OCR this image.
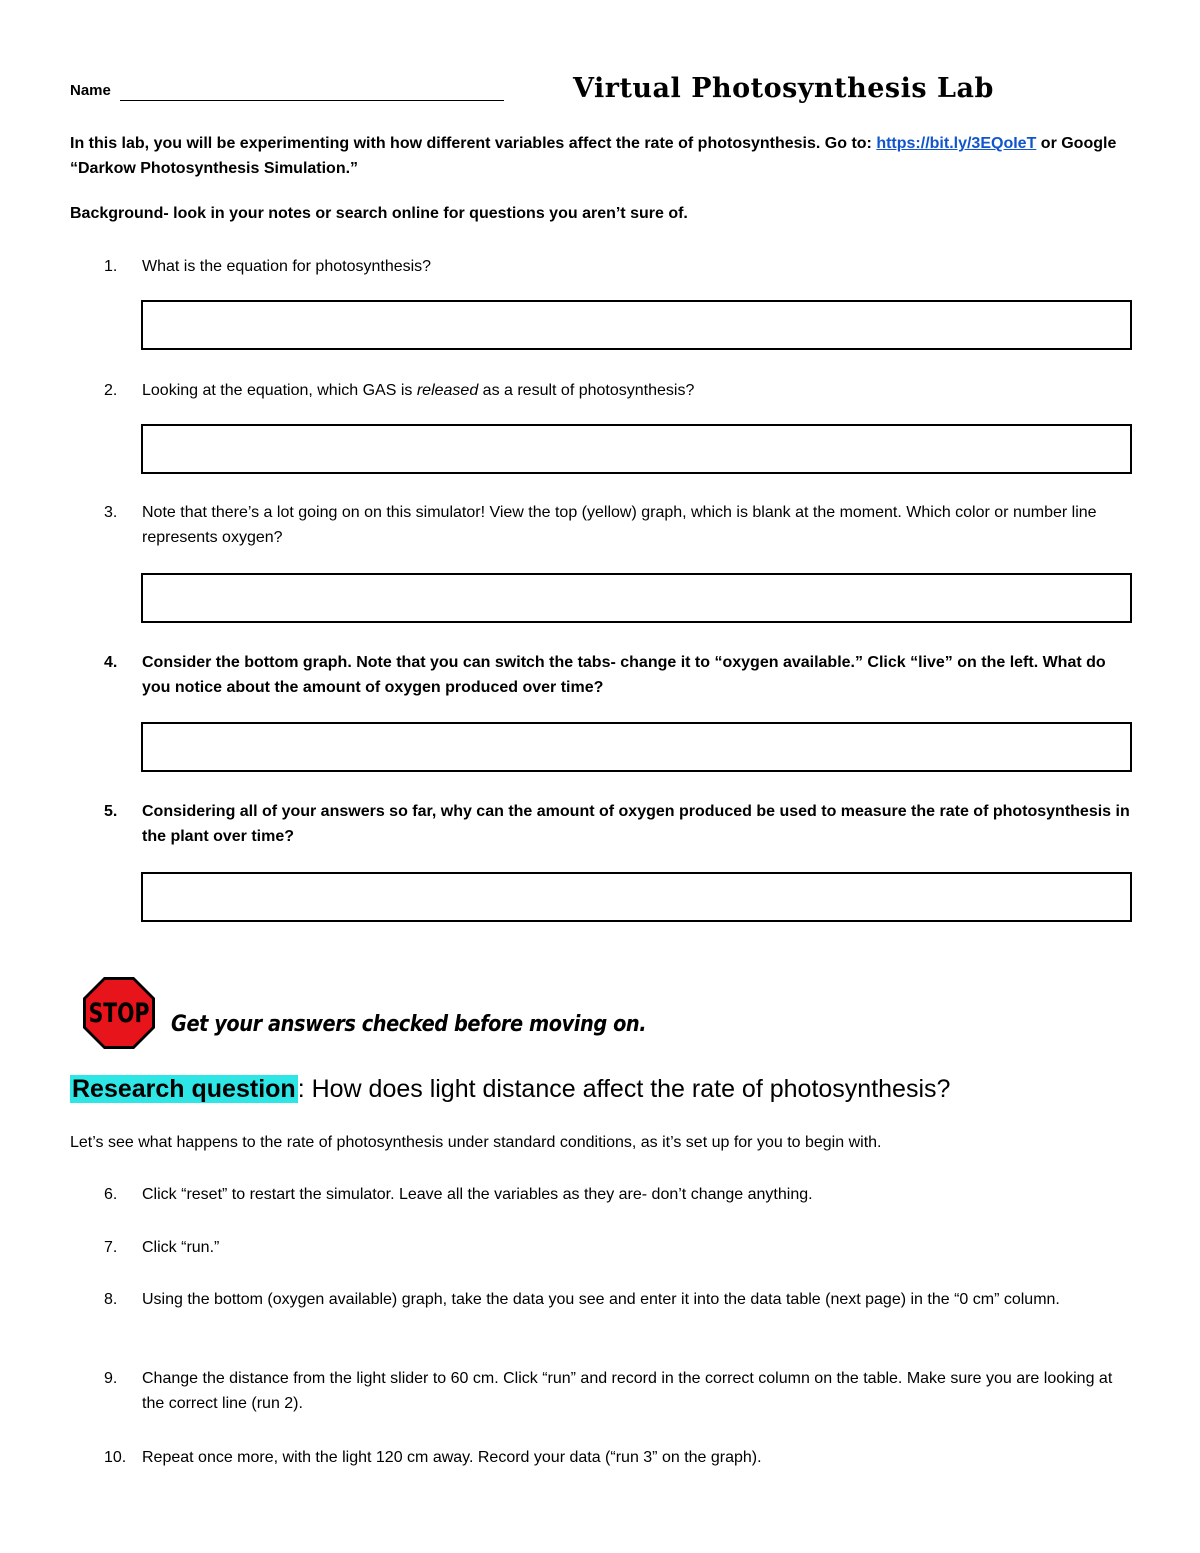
Name	Virtual Photosynthesis Lab
In this lab, you will be experimenting with how different variables affect the rate of photosynthesis. Go to: https://bit.ly/3EQoIeT or Google “Darkow Photosynthesis Simulation.”
Background- look in your notes or search online for questions you aren’t sure of.
1.	What is the equation for photosynthesis?
2.	Looking at the equation, which GAS is released as a result of photosynthesis?
3.	Note that there’s a lot going on on this simulator! View the top (yellow) graph, which is blank at the moment. Which color or number line represents oxygen?
4.	Consider the bottom graph. Note that you can switch the tabs- change it to “oxygen available.” Click “live” on the left. What do you notice about the amount of oxygen produced over time?
5.	Considering all of your answers so far, why can the amount of oxygen produced be used to measure the rate of photosynthesis in the plant over time?
STOP Get your answers checked before moving on.
Research question: How does light distance affect the rate of photosynthesis?
Let’s see what happens to the rate of photosynthesis under standard conditions, as it’s set up for you to begin with.
6.	Click “reset” to restart the simulator. Leave all the variables as they are- don’t change anything.
7.	Click “run.”
8.	Using the bottom (oxygen available) graph, take the data you see and enter it into the data table (next page) in the “0 cm” column.
9.	Change the distance from the light slider to 60 cm. Click “run” and record in the correct column on the table. Make sure you are looking at the correct line (run 2).
10. Repeat once more, with the light 120 cm away. Record your data (“run 3” on the graph).
